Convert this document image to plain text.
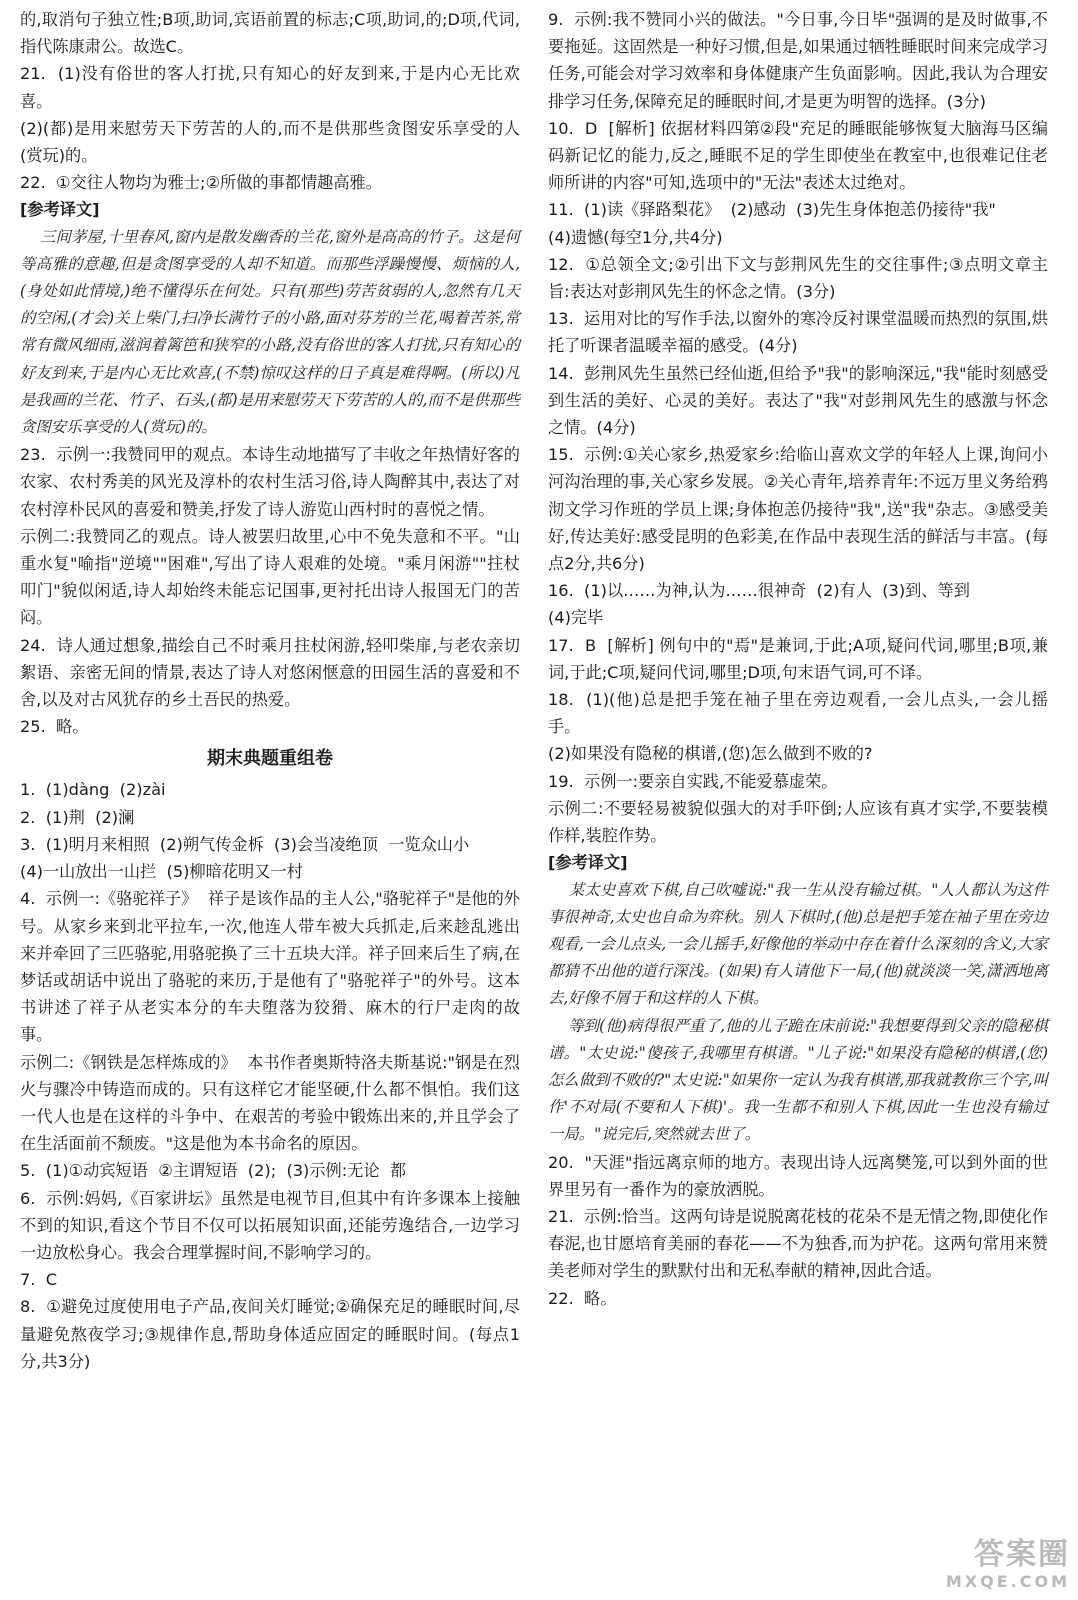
的,取消句子独立性;B项,助词,宾语前置的标志;C项,助词,的;D项,代词,指代陈康肃公。故选C。

21.  (1)没有俗世的客人打扰,只有知心的好友到来,于是内心无比欢喜。
(2)(都)是用来慰劳天下劳苦的人的,而不是供那些贪图安乐享受的人(赏玩)的。

22.  ①交往人物均为雅士;②所做的事都情趣高雅。

[参考译文]

三间茅屋,十里春风,窗内是散发幽香的兰花,窗外是高高的竹子。这是何等高雅的意趣,但是贪图享受的人却不知道。而那些浮躁慢慢、烦恼的人,(身处如此情境,)绝不懂得乐在何处。只有(那些)劳苦贫弱的人,忽然有几天的空闲,(才会)关上柴门,扫净长满竹子的小路,面对芬芳的兰花,喝着苦茶,常常有微风细雨,滋润着篱笆和狭窄的小路,没有俗世的客人打扰,只有知心的好友到来,于是内心无比欢喜,(不禁)惊叹这样的日子真是难得啊。(所以)凡是我画的兰花、竹子、石头,(都)是用来慰劳天下劳苦的人的,而不是供那些贪图安乐享受的人(赏玩)的。

23.  示例一:我赞同甲的观点。本诗生动地描写了丰收之年热情好客的农家、农村秀美的风光及淳朴的农村生活习俗,诗人陶醉其中,表达了对农村淳朴民风的喜爱和赞美,抒发了诗人游览山西村时的喜悦之情。
示例二:我赞同乙的观点。诗人被罢归故里,心中不免失意和不平。"山重水复"喻指"逆境""困难",写出了诗人艰难的处境。"乘月闲游""拄杖叩门"貌似闲适,诗人却始终未能忘记国事,更衬托出诗人报国无门的苦闷。

24.  诗人通过想象,描绘自己不时乘月拄杖闲游,轻叩柴扉,与老农亲切絮语、亲密无间的情景,表达了诗人对悠闲惬意的田园生活的喜爱和不舍,以及对古风犹存的乡土吾民的热爱。

25.  略。

期末典题重组卷

1.  (1)dàng  (2)zài

2.  (1)荆  (2)澜

3.  (1)明月来相照  (2)朔气传金柝  (3)会当凌绝顶  一览众山小
(4)一山放出一山拦  (5)柳暗花明又一村

4.  示例一:《骆驼祥子》  祥子是该作品的主人公,"骆驼祥子"是他的外号。从家乡来到北平拉车,一次,他连人带车被大兵抓走,后来趁乱逃出来并牵回了三匹骆驼,用骆驼换了三十五块大洋。祥子回来后生了病,在梦话或胡话中说出了骆驼的来历,于是他有了"骆驼祥子"的外号。这本书讲述了祥子从老实本分的车夫堕落为狡猾、麻木的行尸走肉的故事。
示例二:《钢铁是怎样炼成的》  本书作者奥斯特洛夫斯基说:"钢是在烈火与骤冷中铸造而成的。只有这样它才能坚硬,什么都不惧怕。我们这一代人也是在这样的斗争中、在艰苦的考验中锻炼出来的,并且学会了在生活面前不颓废。"这是他为本书命名的原因。

5.  (1)①动宾短语  ②主谓短语  (2);  (3)示例:无论  都

6.  示例:妈妈,《百家讲坛》虽然是电视节目,但其中有许多课本上接触不到的知识,看这个节目不仅可以拓展知识面,还能劳逸结合,一边学习一边放松身心。我会合理掌握时间,不影响学习的。

7.  C

8.  ①避免过度使用电子产品,夜间关灯睡觉;②确保充足的睡眠时间,尽量避免熬夜学习;③规律作息,帮助身体适应固定的睡眠时间。(每点1分,共3分)

9.  示例:我不赞同小兴的做法。"今日事,今日毕"强调的是及时做事,不要拖延。这固然是一种好习惯,但是,如果通过牺牲睡眠时间来完成学习任务,可能会对学习效率和身体健康产生负面影响。因此,我认为合理安排学习任务,保障充足的睡眠时间,才是更为明智的选择。(3分)

10.  D  [解析] 依据材料四第②段"充足的睡眠能够恢复大脑海马区编码新记忆的能力,反之,睡眠不足的学生即使坐在教室中,也很难记住老师所讲的内容"可知,选项中的"无法"表述太过绝对。

11.  (1)读《驿路梨花》  (2)感动  (3)先生身体抱恙仍接待"我"
(4)遗憾(每空1分,共4分)

12.  ①总领全文;②引出下文与彭荆风先生的交往事件;③点明文章主旨:表达对彭荆风先生的怀念之情。(3分)

13.  运用对比的写作手法,以窗外的寒冷反衬课堂温暖而热烈的氛围,烘托了听课者温暖幸福的感受。(4分)

14.  彭荆风先生虽然已经仙逝,但给予"我"的影响深远,"我"能时刻感受到生活的美好、心灵的美好。表达了"我"对彭荆风先生的感激与怀念之情。(4分)

15.  示例:①关心家乡,热爱家乡:给临山喜欢文学的年轻人上课,询问小河沟治理的事,关心家乡发展。②关心青年,培养青年:不远万里义务给鸦沏文学习作班的学员上课;身体抱恙仍接待"我",送"我"杂志。③感受美好,传达美好:感受昆明的色彩美,在作品中表现生活的鲜活与丰富。(每点2分,共6分)

16.  (1)以……为神,认为……很神奇  (2)有人  (3)到、等到
(4)完毕

17.  B  [解析] 例句中的"焉"是兼词,于此;A项,疑问代词,哪里;B项,兼词,于此;C项,疑问代词,哪里;D项,句末语气词,可不译。

18.  (1)(他)总是把手笼在袖子里在旁边观看,一会儿点头,一会儿摇手。
(2)如果没有隐秘的棋谱,(您)怎么做到不败的?

19.  示例一:要亲自实践,不能爱慕虚荣。
示例二:不要轻易被貌似强大的对手吓倒;人应该有真才实学,不要装模作样,装腔作势。

[参考译文]

某太史喜欢下棋,自己吹嘘说:"我一生从没有输过棋。"人人都认为这件事很神奇,太史也自命为弈秋。别人下棋时,(他)总是把手笼在袖子里在旁边观看,一会儿点头,一会儿摇手,好像他的举动中存在着什么深刻的含义,大家都猜不出他的道行深浅。(如果)有人请他下一局,(他)就淡淡一笑,潇洒地离去,好像不屑于和这样的人下棋。

等到(他)病得很严重了,他的儿子跪在床前说:"我想要得到父亲的隐秘棋谱。"太史说:"傻孩子,我哪里有棋谱。"儿子说:"如果没有隐秘的棋谱,(您)怎么做到不败的?"太史说:"如果你一定认为我有棋谱,那我就教你三个字,叫作'不对局(不要和人下棋)'。我一生都不和别人下棋,因此一生也没有输过一局。"说完后,突然就去世了。

20.  "天涯"指远离京师的地方。表现出诗人远离樊笼,可以到外面的世界里另有一番作为的豪放洒脱。

21.  示例:恰当。这两句诗是说脱离花枝的花朵不是无情之物,即使化作春泥,也甘愿培育美丽的春花——不为独香,而为护花。这两句常用来赞美老师对学生的默默付出和无私奉献的精神,因此合适。

22.  略。

答案圈
MXQE.COM
